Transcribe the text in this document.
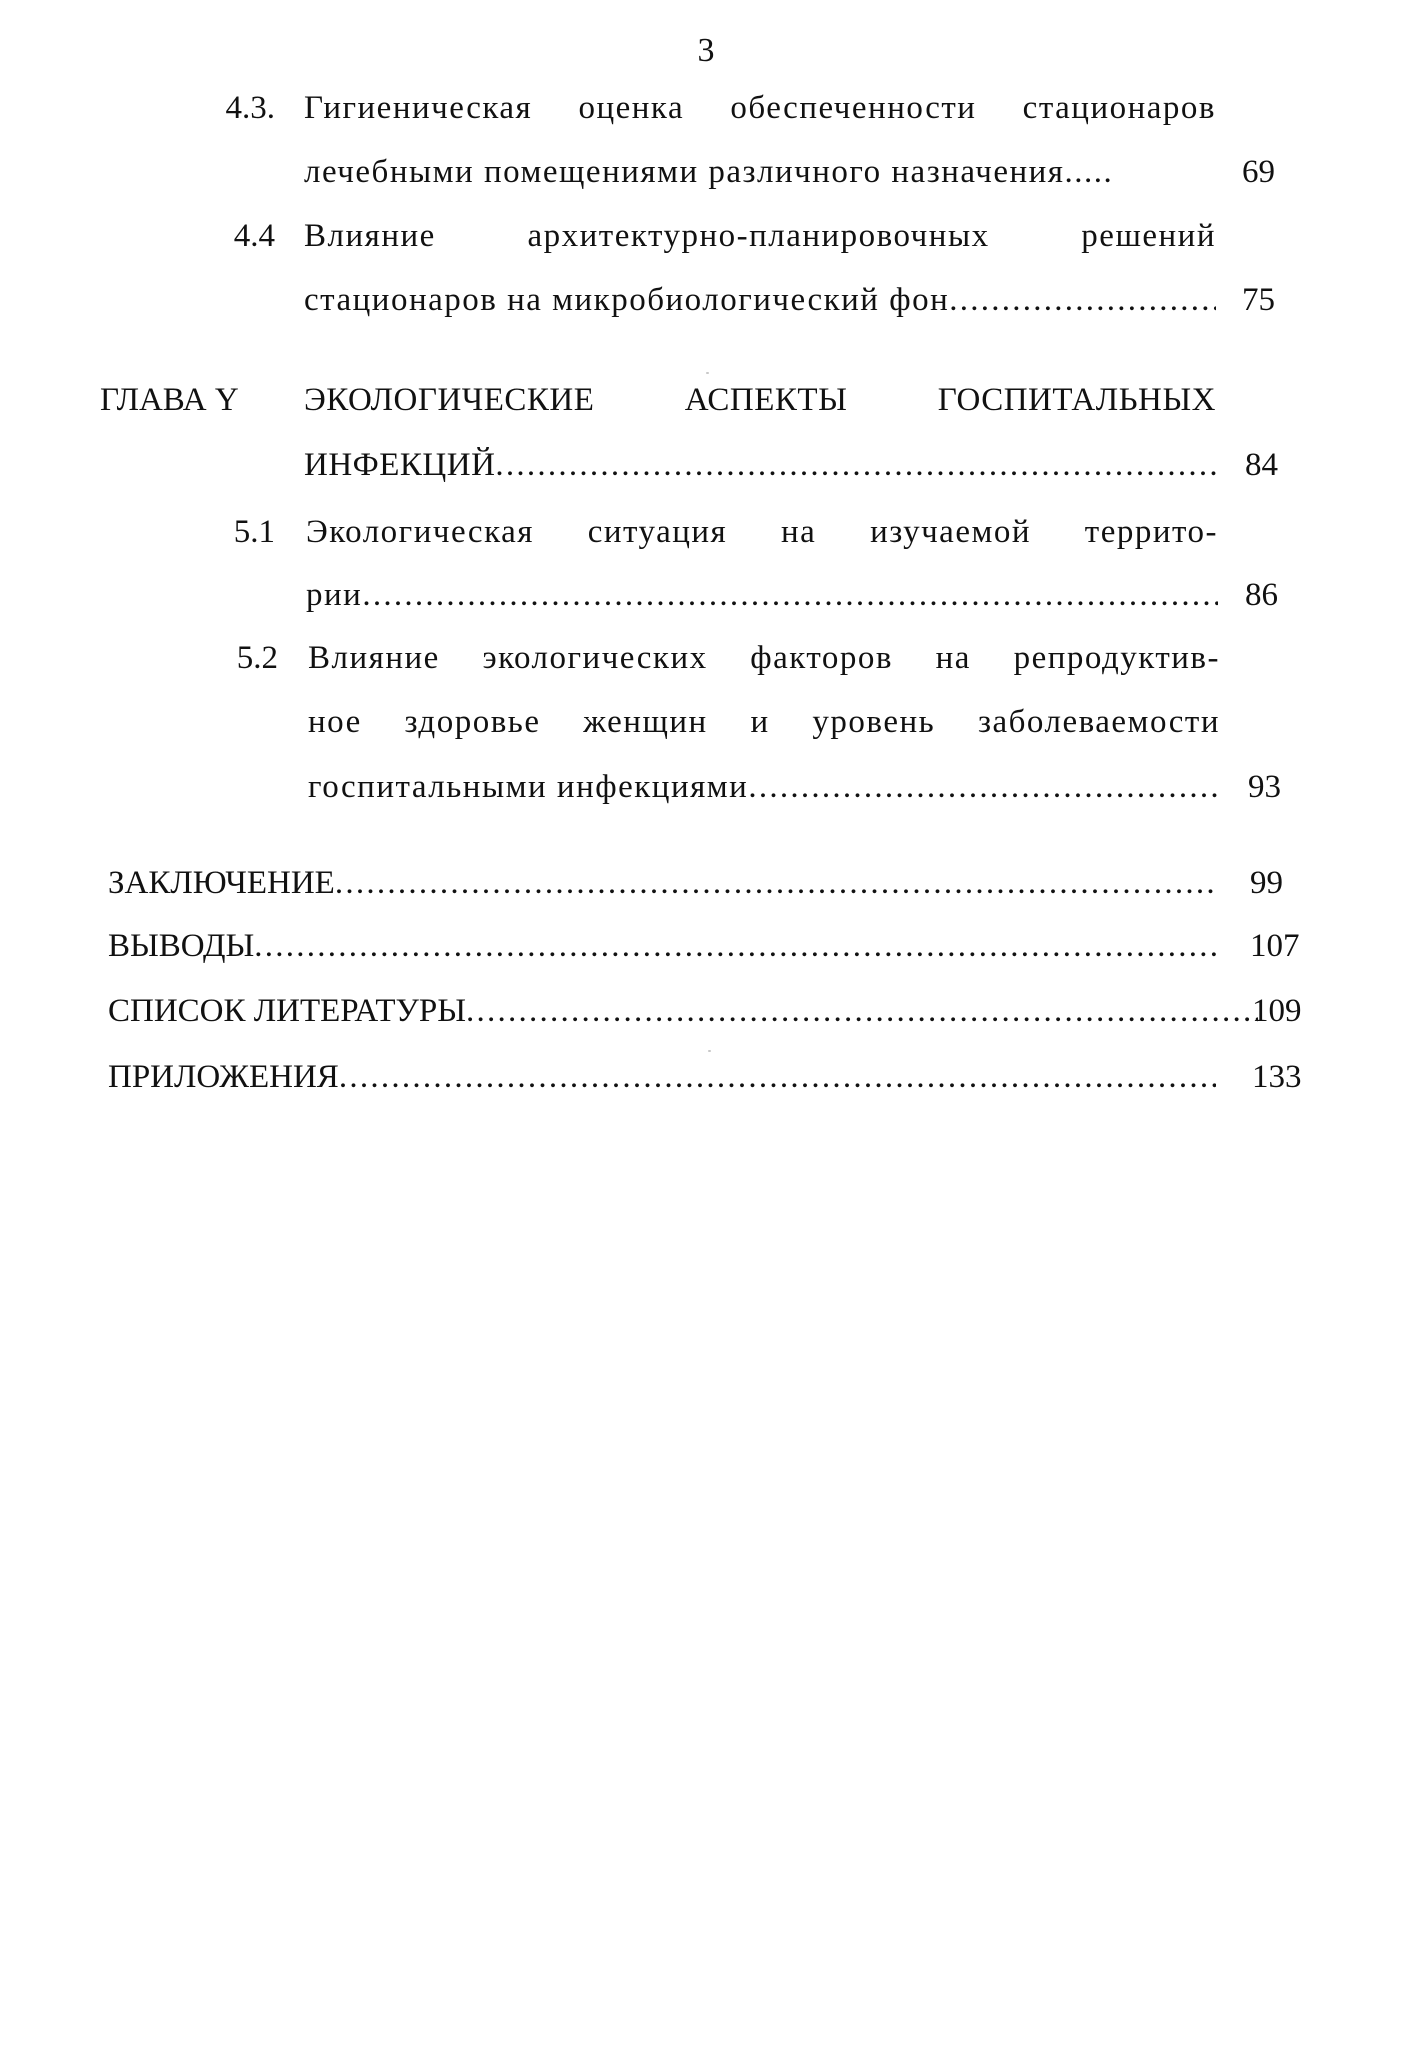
3
4.3. Гигиеническая оценка обеспеченности стационаров
лечебными помещениями различного назначения.....	69
4.4 Влияние архитектурно-планировочных решений
стационаров на микробиологический фон . . .	75
ГЛАВА Y	ЭКОЛОГИЧЕСКИЕ АСПЕКТЫ ГОСПИТАЛЬНЫХ
ИНФЕКЦИЙ . . .	84
5.1 Экологическая ситуация на изучаемой террито-
рии . . .	86
5.2 Влияние экологических факторов на репродуктив-
ное здоровье женщин и уровень заболеваемости
госпитальными инфекциями . . .	93
ЗАКЛЮЧЕНИЕ . . .	99
ВЫВОДЫ . . .	107
СПИСОК ЛИТЕРАТУРЫ . . .	109
ПРИЛОЖЕНИЯ . . .	133
